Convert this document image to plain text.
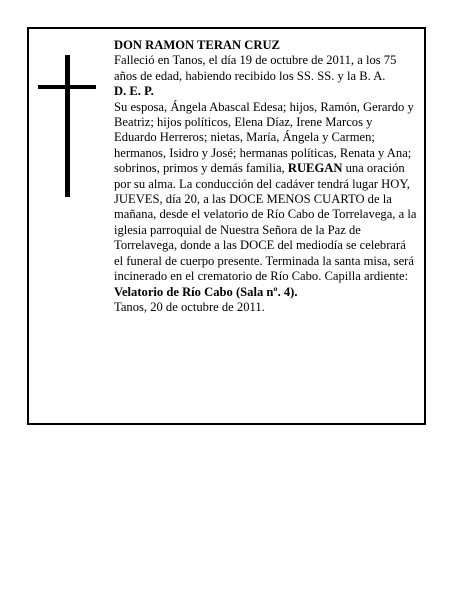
DON RAMON TERAN CRUZ

Falleció en Tanos, el día 19 de octubre de 2011, a los 75 años de edad, habiendo recibido los SS. SS. y la B. A.

D. E. P.

Su esposa, Ángela Abascal Edesa; hijos, Ramón, Gerardo y Beatriz; hijos políticos, Elena Díaz, Irene Marcos y Eduardo Herreros; nietas, María, Ángela y Carmen; hermanos, Isidro y José; hermanas políticas, Renata y Ana; sobrinos, primos y demás familia, RUEGAN una oración por su alma. La conducción del cadáver tendrá lugar HOY, JUEVES, día 20, a las DOCE MENOS CUARTO de la mañana, desde el velatorio de Río Cabo de Torrelavega, a la iglesia parroquial de Nuestra Señora de la Paz de Torrelavega, donde a las DOCE del mediodía se celebrará el funeral de cuerpo presente. Terminada la santa misa, será incinerado en el crematorio de Río Cabo. Capilla ardiente: Velatorio de Río Cabo (Sala nº. 4).

Tanos, 20 de octubre de 2011.
